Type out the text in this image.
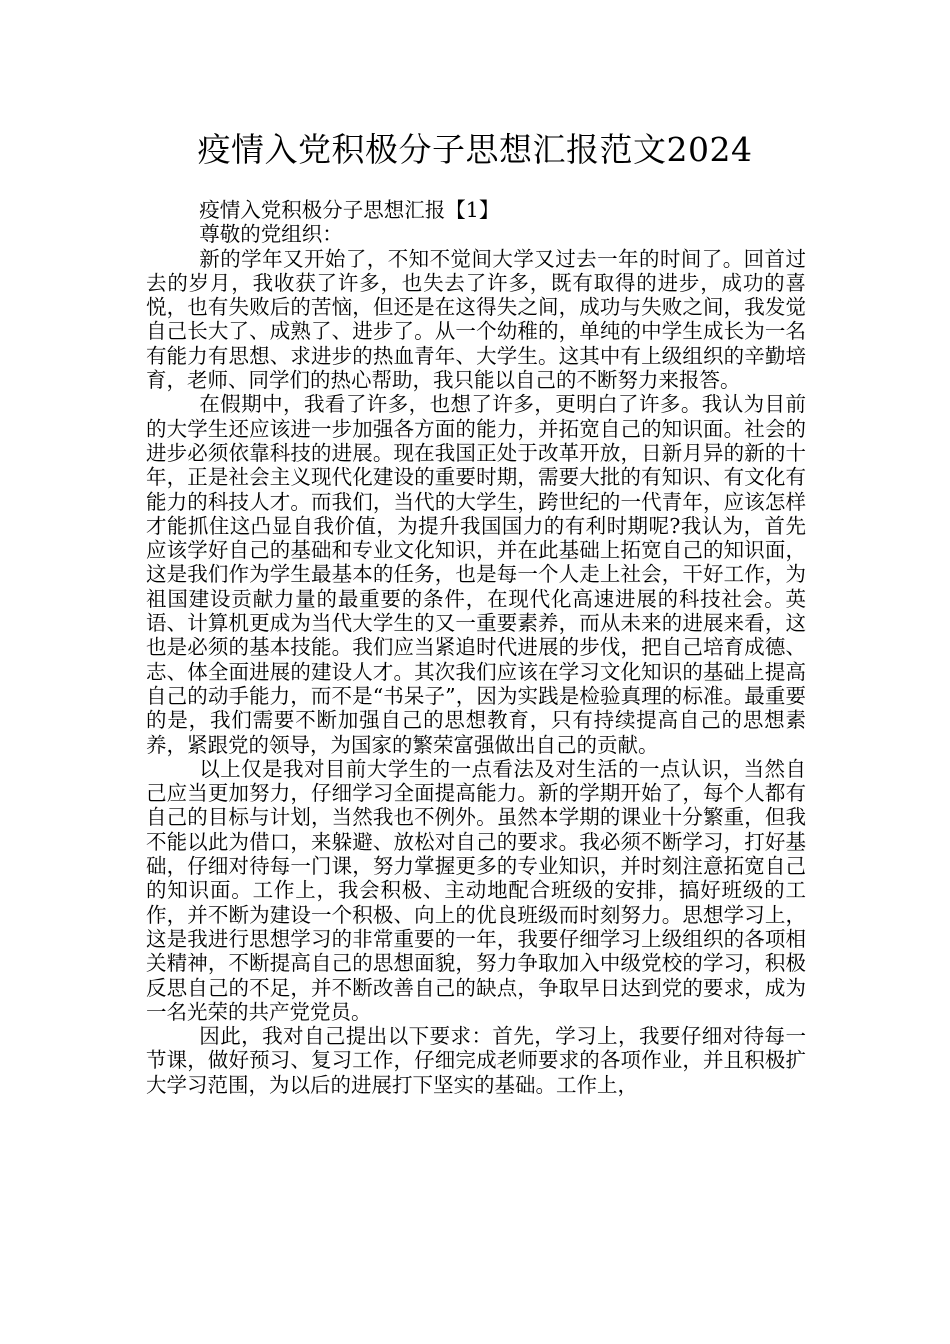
疫情入党积极分子思想汇报范文2024

疫情入党积极分子思想汇报【1】

尊敬的党组织：

新的学年又开始了，不知不觉间大学又过去一年的时间了。回首过去的岁月，我收获了许多，也失去了许多，既有取得的进步，成功的喜悦，也有失败后的苦恼，但还是在这得失之间，成功与失败之间，我发觉自己长大了、成熟了、进步了。从一个幼稚的，单纯的中学生成长为一名有能力有思想、求进步的热血青年、大学生。这其中有上级组织的辛勤培育，老师、同学们的热心帮助，我只能以自己的不断努力来报答。

在假期中，我看了许多，也想了许多，更明白了许多。我认为目前的大学生还应该进一步加强各方面的能力，并拓宽自己的知识面。社会的进步必须依靠科技的进展。现在我国正处于改革开放，日新月异的新的十年，正是社会主义现代化建设的重要时期，需要大批的有知识、有文化有能力的科技人才。而我们，当代的大学生，跨世纪的一代青年，应该怎样才能抓住这凸显自我价值，为提升我国国力的有利时期呢?我认为，首先应该学好自己的基础和专业文化知识，并在此基础上拓宽自己的知识面，这是我们作为学生最基本的任务，也是每一个人走上社会，干好工作，为祖国建设贡献力量的最重要的条件，在现代化高速进展的科技社会。英语、计算机更成为当代大学生的又一重要素养，而从未来的进展来看，这也是必须的基本技能。我们应当紧追时代进展的步伐，把自己培育成德、志、体全面进展的建设人才。其次我们应该在学习文化知识的基础上提高自己的动手能力，而不是“书呆子”，因为实践是检验真理的标准。最重要的是，我们需要不断加强自己的思想教育，只有持续提高自己的思想素养，紧跟党的领导，为国家的繁荣富强做出自己的贡献。

以上仅是我对目前大学生的一点看法及对生活的一点认识，当然自己应当更加努力，仔细学习全面提高能力。新的学期开始了，每个人都有自己的目标与计划，当然我也不例外。虽然本学期的课业十分繁重，但我不能以此为借口，来躲避、放松对自己的要求。我必须不断学习，打好基础，仔细对待每一门课，努力掌握更多的专业知识，并时刻注意拓宽自己的知识面。工作上，我会积极、主动地配合班级的安排，搞好班级的工作，并不断为建设一个积极、向上的优良班级而时刻努力。思想学习上，这是我进行思想学习的非常重要的一年，我要仔细学习上级组织的各项相关精神，不断提高自己的思想面貌，努力争取加入中级党校的学习，积极反思自己的不足，并不断改善自己的缺点，争取早日达到党的要求，成为一名光荣的共产党党员。

因此，我对自己提出以下要求：首先，学习上，我要仔细对待每一节课，做好预习、复习工作，仔细完成老师要求的各项作业，并且积极扩大学习范围，为以后的进展打下坚实的基础。工作上，
